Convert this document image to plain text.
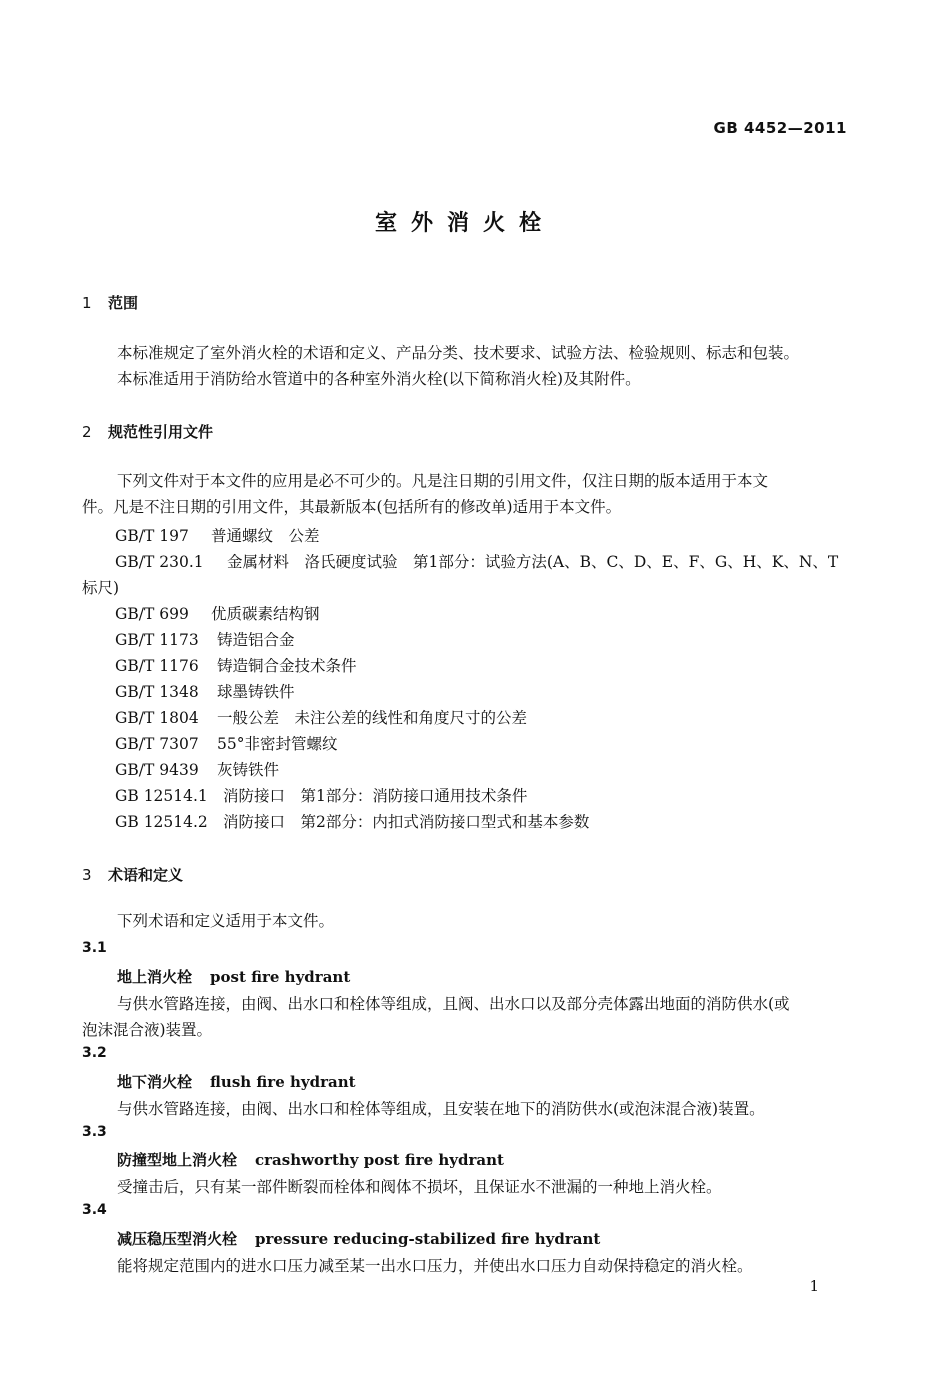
GB 4452—2011
室外消火栓
1 范围
本标准规定了室外消火栓的术语和定义、产品分类、技术要求、试验方法、检验规则、标志和包装。
本标准适用于消防给水管道中的各种室外消火栓(以下简称消火栓)及其附件。
2 规范性引用文件
下列文件对于本文件的应用是必不可少的。凡是注日期的引用文件，仅注日期的版本适用于本文
件。凡是不注日期的引用文件，其最新版本(包括所有的修改单)适用于本文件。
GB/T 197 普通螺纹　公差
GB/T 230.1 金属材料　洛氏硬度试验　第1部分：试验方法(A、B、C、D、E、F、G、H、K、N、T
标尺)
GB/T 699 优质碳素结构钢
GB/T 1173 铸造铝合金
GB/T 1176 铸造铜合金技术条件
GB/T 1348 球墨铸铁件
GB/T 1804 一般公差　未注公差的线性和角度尺寸的公差
GB/T 7307 55°非密封管螺纹
GB/T 9439 灰铸铁件
GB 12514.1 消防接口　第1部分：消防接口通用技术条件
GB 12514.2 消防接口　第2部分：内扣式消防接口型式和基本参数
3 术语和定义
下列术语和定义适用于本文件。
3.1
地上消火栓 post fire hydrant
与供水管路连接，由阀、出水口和栓体等组成，且阀、出水口以及部分壳体露出地面的消防供水(或
泡沫混合液)装置。
3.2
地下消火栓 flush fire hydrant
与供水管路连接，由阀、出水口和栓体等组成，且安装在地下的消防供水(或泡沫混合液)装置。
3.3
防撞型地上消火栓 crashworthy post fire hydrant
受撞击后，只有某一部件断裂而栓体和阀体不损坏，且保证水不泄漏的一种地上消火栓。
3.4
减压稳压型消火栓 pressure reducing-stabilized fire hydrant
能将规定范围内的进水口压力减至某一出水口压力，并使出水口压力自动保持稳定的消火栓。
1
